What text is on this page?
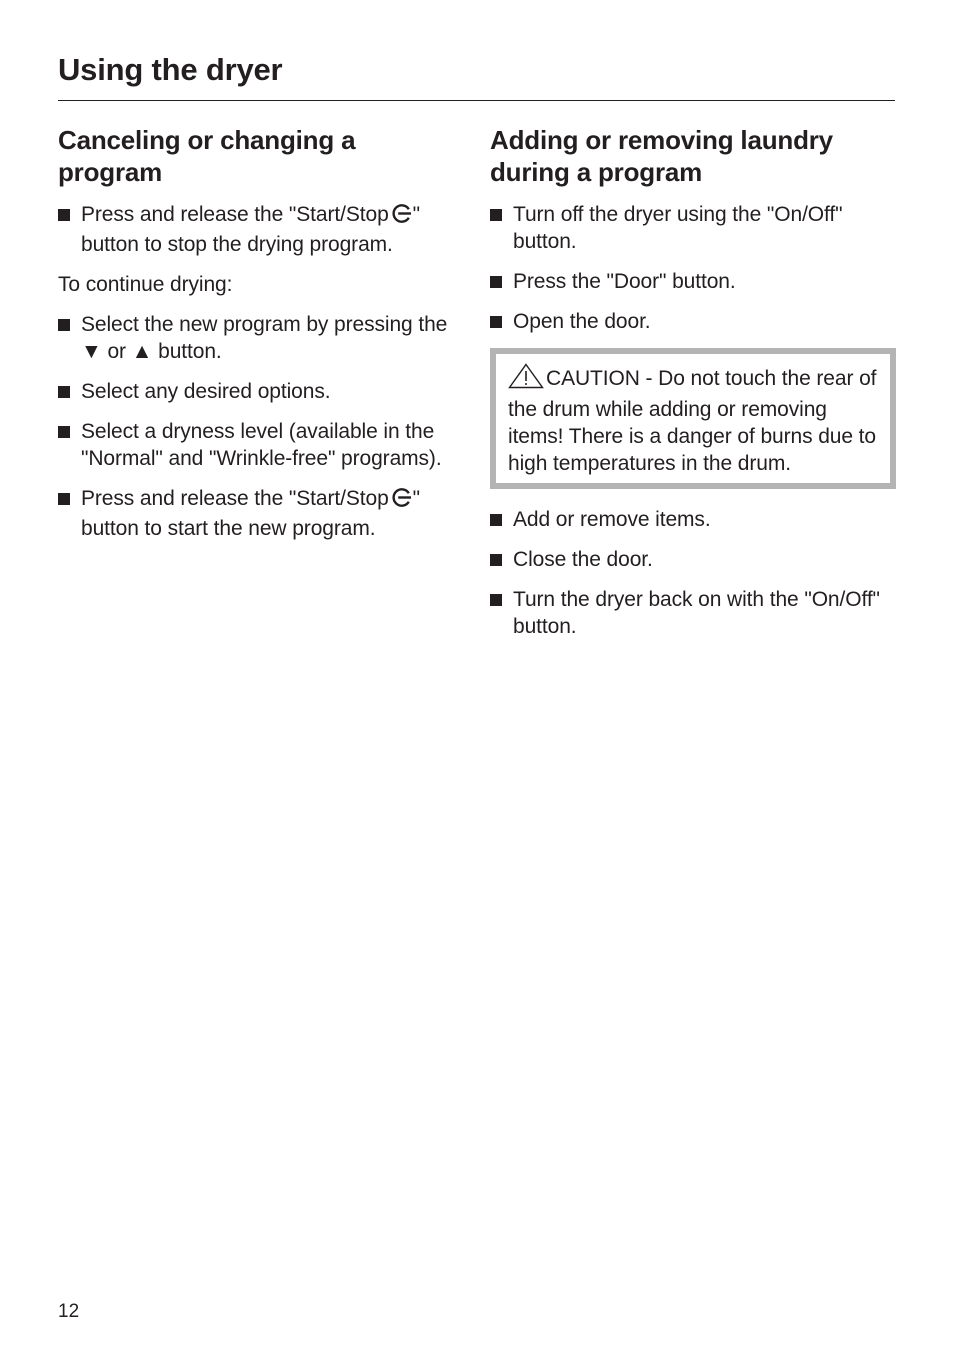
Using the dryer
Canceling or changing a program
Press and release the "Start/Stop " button to stop the drying program.

To continue drying:

Select the new program by pressing the ▼ or ▲ button.
Select any desired options.
Select a dryness level (available in the "Normal" and "Wrinkle-free" programs).
Press and release the "Start/Stop " button to start the new program.
Adding or removing laundry during a program
Turn off the dryer using the "On/Off" button.
Press the "Door" button.
Open the door.
CAUTION - Do not touch the rear of the drum while adding or removing items! There is a danger of burns due to high temperatures in the drum.
Add or remove items.
Close the door.
Turn the dryer back on with the "On/Off" button.
12
